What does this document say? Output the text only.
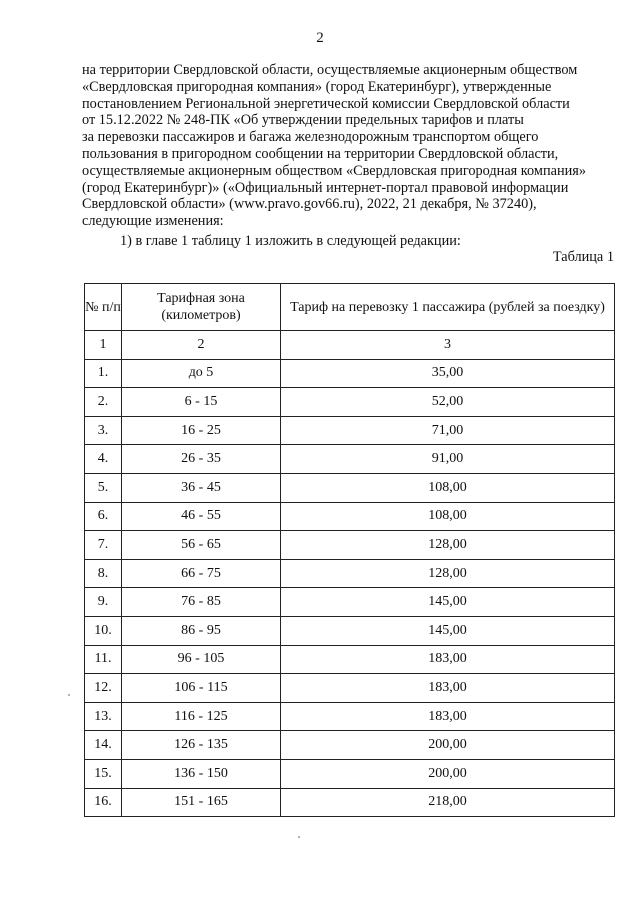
2

на территории Свердловской области, осуществляемые акционерным обществом

«Свердловская пригородная компания» (город Екатеринбург), утвержденные

постановлением Региональной энергетической комиссии Свердловской области

от 15.12.2022 № 248-ПК «Об утверждении предельных тарифов и платы

за перевозки пассажиров и багажа железнодорожным транспортом общего

пользования в пригородном сообщении на территории Свердловской области,

осуществляемые акционерным обществом «Свердловская пригородная компания»

(город Екатеринбург)» («Официальный интернет-портал правовой информации

Свердловской области» (www.pravo.gov66.ru), 2022, 21 декабря, № 37240),

следующие изменения:

1) в главе 1 таблицу 1 изложить в следующей редакции:
Таблица 1
№ п/п	Тарифная зона (километров)	Тариф на перевозку 1 пассажира (рублей за поездку)
1	2	3
1.	до 5	35,00
2.	6 - 15	52,00
3.	16 - 25	71,00
4.	26 - 35	91,00
5.	36 - 45	108,00
6.	46 - 55	108,00
7.	56 - 65	128,00
8.	66 - 75	128,00
9.	76 - 85	145,00
10.	86 - 95	145,00
11.	96 - 105	183,00
12.	106 - 115	183,00
13.	116 - 125	183,00
14.	126 - 135	200,00
15.	136 - 150	200,00
16.	151 - 165	218,00
